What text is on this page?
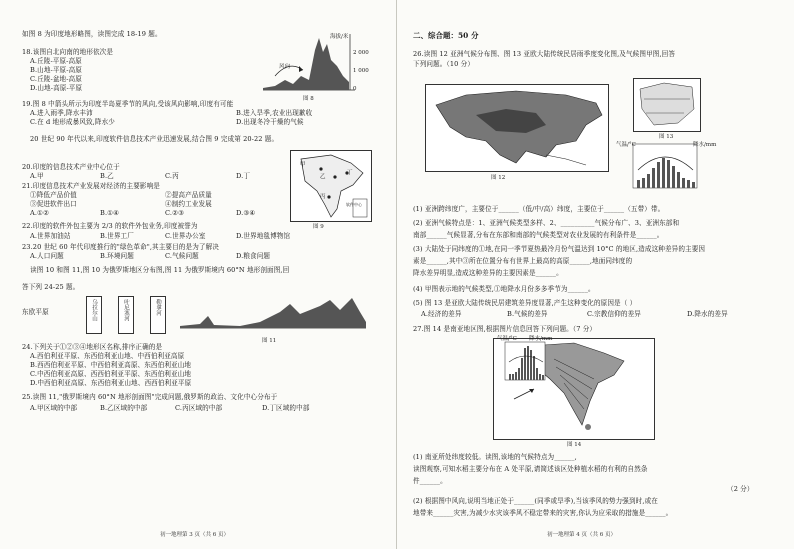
如图 8 为印度地形略图，读图完成 18-19 题。
18.该图自北向南的地形依次是
A.丘陵-平原-高原
B.山地-平原-高原
C.丘陵-盆地-高原
D.山地-高原-平原
海拔/米
2 000
1 000
0
风向
图 8
19.图 8 中箭头所示为印度半岛夏季节的风向,受该风向影响,印度有可能
A.进入雨季,降水丰沛	B.进入旱季,农业出现歉收
C.在 d 地形成暴风致,降水少	D.出现冬冷干燥的气候
20 世纪 90 年代以来,印度软件信息技术产业迅速发展,结合图 9 完成第 20-22 题。
20.印度的信息技术产业中心位于
A.甲	B.乙	C.丙	D.丁
21.印度信息技术产业发展对经济的主要影响是
①降低产品价值	②提高产品质量
③促进软件出口	④制约工业发展
A.①②	B.①④	C.②③	D.③④
甲
乙
丙
丁
软件中心
图 9
22.印度的软件外包主要为 2/3 的软件外包业务,印度被誉为
A.世界加油站	B.世界工厂	C.世界办公室	D.世界地毯博物馆
23.20 世纪 60 年代印度推行的"绿色革命",其主要目的是为了解决
A.人口问题	B.环境问题	C.气候问题	D.粮食问题
读图 10 和图 11,图 10 为俄罗斯地区分布图,图 11 为俄罗斯境内 60°N 地形剖面图,回
答下列 24-25 题。
东欧平原	乌拉尔山	叶尼塞河	勒拿河
图 11
24.下列关于①②③④地形区名称,排序正确的是
A.西伯利亚平原、东西伯利亚山地、中西伯利亚高原
B.西西伯利亚平原、中西伯利亚高原、东西伯利亚山地
C.中西伯利亚高原、西西伯利亚平原、东西伯利亚山地
D.中西伯利亚高原、东西伯利亚山地、西西伯利亚平原
25.读图 11,"俄罗斯境内 60°N 地形剖面图"完成问题,俄罗斯的政治、文化中心分布于
A.甲区域的中部	B.乙区域的中部	C.丙区域的中部	D.丁区域的中部
初一地理第 3 页（共 6 页）
二、综合题：50 分
26.读图 12 亚洲气候分布图、图 13 亚欧大陆传统民居雨季度变化图,及气候图甲图,回答
下列问题。（10 分）
图 12
图 13
气温/°C	降水/mm
(1) 亚洲跨纬度广，主要位于______（低/中/高）纬度，主要位于______（五带）带。
(2) 亚洲气候特点是：1、亚洲气候类型多样、2、__________气候分布广、3、亚洲东部和
南部______气候显著,分布在东部和南部的气候类型对农业发展的有利条件是______。
(3) 大陆处于同纬度的①地,在同一季节夏热最冷月份气温达到 10°C 的地区,造成这种差异的主要因
素是______,其中③所在位置分布有世界上最高的高原______,地面同纬度的
降水差异明显,造成这种差异的主要因素是______。
(4) 甲图表示地的气候类型,①地降水月份多多季节为______。
(5) 图 13 是亚欧大陆传统民居建筑差异度显著,产生这种变化的原因是（ ）
A.经济的差异	B.气候的差异	C.宗教信仰的差异	D.降水的差异
27.图 14 是南亚地区图,根据图片信息回答下列问题。（7 分）
气温/°C 降水/mm
图 14
(1) 南亚所处纬度较低。读图,该地的气候特点为______,
读图观察,可知水稻主要分布在 A 处平原,请简述该区处种植水稻的有利的自然条
件______。
（2 分）
(2) 根据图中风向,说明当地正处于______(同季或旱季),当该季风的势力强到时,或在
地带来______灾害,为减少水灾该季风不稳定带来的灾害,你认为应采取的措施是______。
初一地理第 4 页（共 6 页）
